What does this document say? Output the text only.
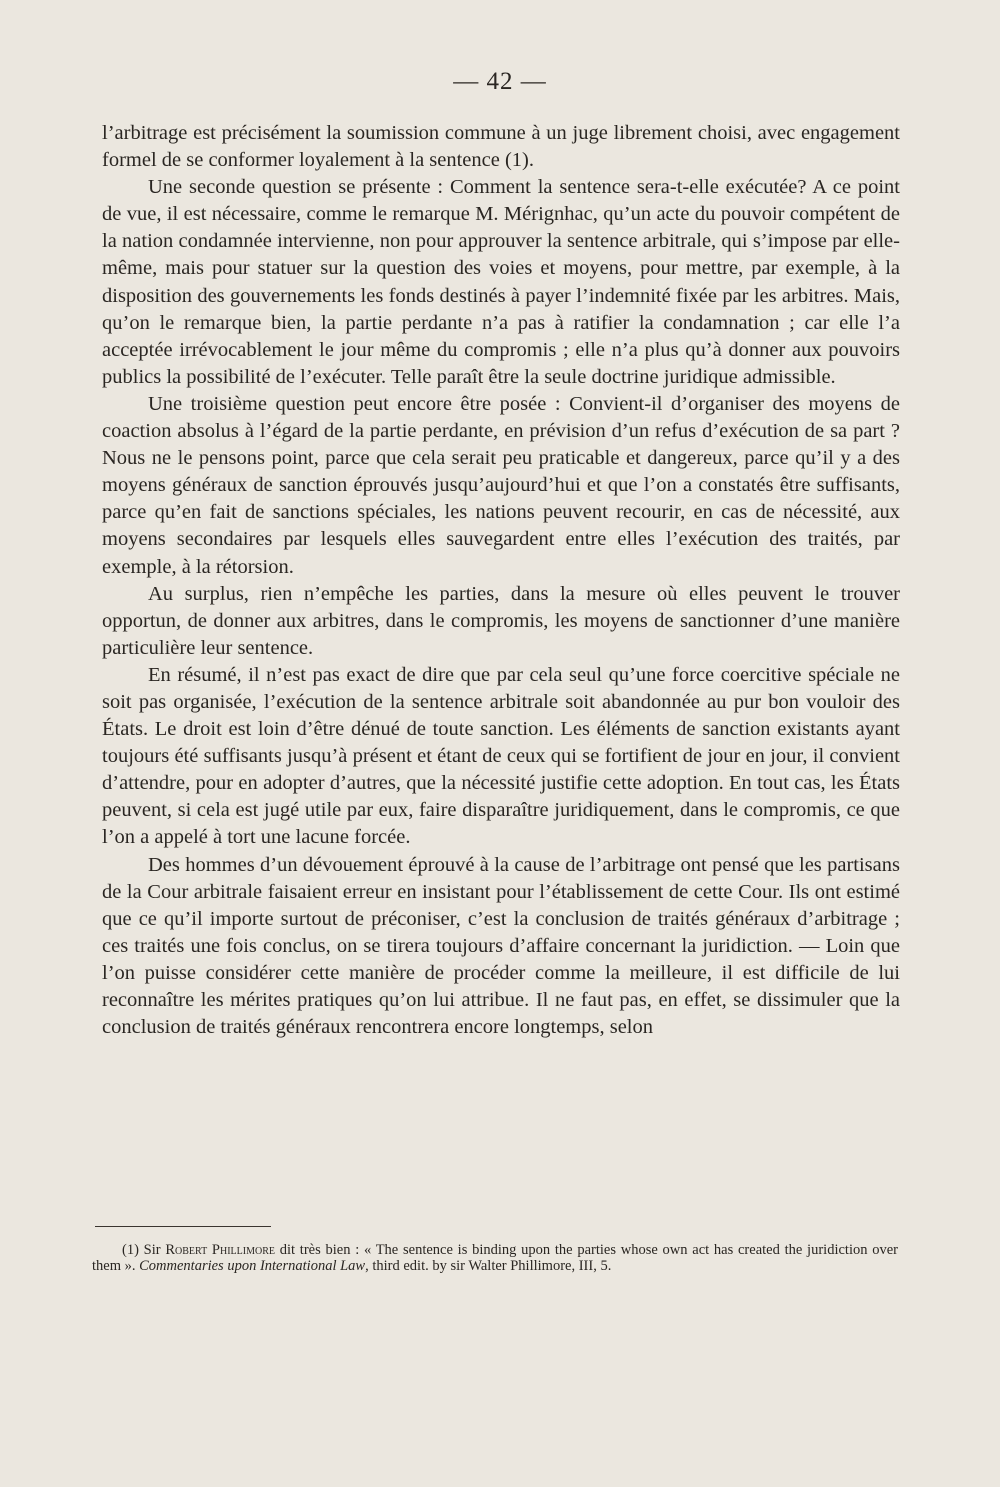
— 42 —

l’arbitrage est précisément la soumission commune à un juge librement choisi, avec engagement formel de se conformer loyalement à la sentence (1).

Une seconde question se présente : Comment la sentence sera-t-elle exécutée? A ce point de vue, il est nécessaire, comme le remarque M. Mérignhac, qu’un acte du pouvoir compétent de la nation condamnée intervienne, non pour approuver la sentence arbitrale, qui s’impose par elle-même, mais pour statuer sur la question des voies et moyens, pour mettre, par exemple, à la disposition des gouvernements les fonds destinés à payer l’indemnité fixée par les arbitres. Mais, qu’on le remarque bien, la partie perdante n’a pas à ratifier la condamnation ; car elle l’a acceptée irrévocablement le jour même du compromis ; elle n’a plus qu’à donner aux pouvoirs publics la possibilité de l’exécuter. Telle paraît être la seule doctrine juridique admissible.

Une troisième question peut encore être posée : Convient-il d’organiser des moyens de coaction absolus à l’égard de la partie perdante, en prévision d’un refus d’exécution de sa part ? Nous ne le pensons point, parce que cela serait peu praticable et dangereux, parce qu’il y a des moyens généraux de sanction éprouvés jusqu’aujourd’hui et que l’on a constatés être suffisants, parce qu’en fait de sanctions spéciales, les nations peuvent recourir, en cas de nécessité, aux moyens secondaires par lesquels elles sauvegardent entre elles l’exécution des traités, par exemple, à la rétorsion.

Au surplus, rien n’empêche les parties, dans la mesure où elles peuvent le trouver opportun, de donner aux arbitres, dans le compromis, les moyens de sanctionner d’une manière particulière leur sentence.

En résumé, il n’est pas exact de dire que par cela seul qu’une force coercitive spéciale ne soit pas organisée, l’exécution de la sentence arbitrale soit abandonnée au pur bon vouloir des États. Le droit est loin d’être dénué de toute sanction. Les éléments de sanction existants ayant toujours été suffisants jusqu’à présent et étant de ceux qui se fortifient de jour en jour, il convient d’attendre, pour en adopter d’autres, que la nécessité justifie cette adoption. En tout cas, les États peuvent, si cela est jugé utile par eux, faire disparaître juridiquement, dans le compromis, ce que l’on a appelé à tort une lacune forcée.

Des hommes d’un dévouement éprouvé à la cause de l’arbitrage ont pensé que les partisans de la Cour arbitrale faisaient erreur en insistant pour l’établissement de cette Cour. Ils ont estimé que ce qu’il importe surtout de préconiser, c’est la conclusion de traités généraux d’arbitrage ; ces traités une fois conclus, on se tirera toujours d’affaire concernant la juridiction. — Loin que l’on puisse considérer cette manière de procéder comme la meilleure, il est difficile de lui reconnaître les mérites pratiques qu’on lui attribue. Il ne faut pas, en effet, se dissimuler que la conclusion de traités généraux rencontrera encore longtemps, selon

(1) Sir Robert Phillimore dit très bien : « The sentence is binding upon the parties whose own act has created the juridiction over them ». Commentaries upon International Law, third edit. by sir Walter Phillimore, III, 5.
